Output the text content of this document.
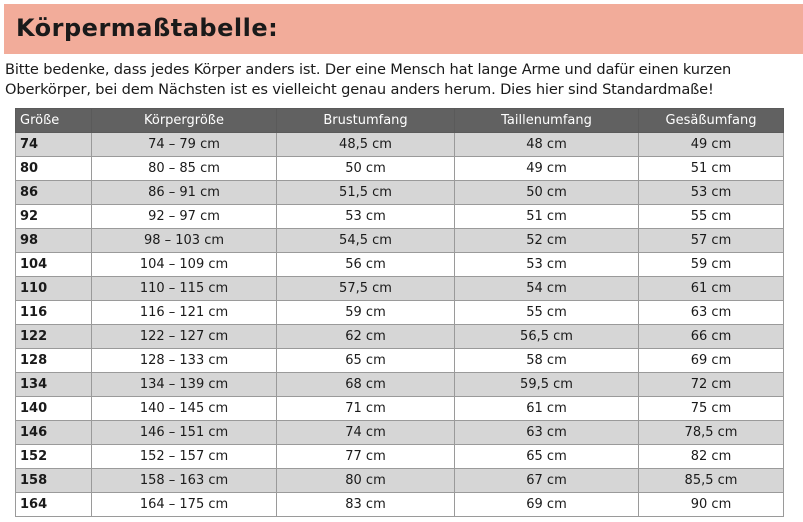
Körpermaßtabelle:
Bitte bedenke, dass jedes Körper anders ist. Der eine Mensch hat lange Arme und dafür einen kurzen
Oberkörper, bei dem Nächsten ist es vielleicht genau anders herum. Dies hier sind Standardmaße!
Größe	Körpergröße	Brustumfang	Taillenumfang	Gesäßumfang
74	74 – 79 cm	48,5 cm	48 cm	49 cm
80	80 – 85 cm	50 cm	49 cm	51 cm
86	86 – 91 cm	51,5 cm	50 cm	53 cm
92	92 – 97 cm	53 cm	51 cm	55 cm
98	98 – 103 cm	54,5 cm	52 cm	57 cm
104	104 – 109 cm	56 cm	53 cm	59 cm
110	110 – 115 cm	57,5 cm	54 cm	61 cm
116	116 – 121 cm	59 cm	55 cm	63 cm
122	122 – 127 cm	62 cm	56,5 cm	66 cm
128	128 – 133 cm	65 cm	58 cm	69 cm
134	134 – 139 cm	68 cm	59,5 cm	72 cm
140	140 – 145 cm	71 cm	61 cm	75 cm
146	146 – 151 cm	74 cm	63 cm	78,5 cm
152	152 – 157 cm	77 cm	65 cm	82 cm
158	158 – 163 cm	80 cm	67 cm	85,5 cm
164	164 – 175 cm	83 cm	69 cm	90 cm
